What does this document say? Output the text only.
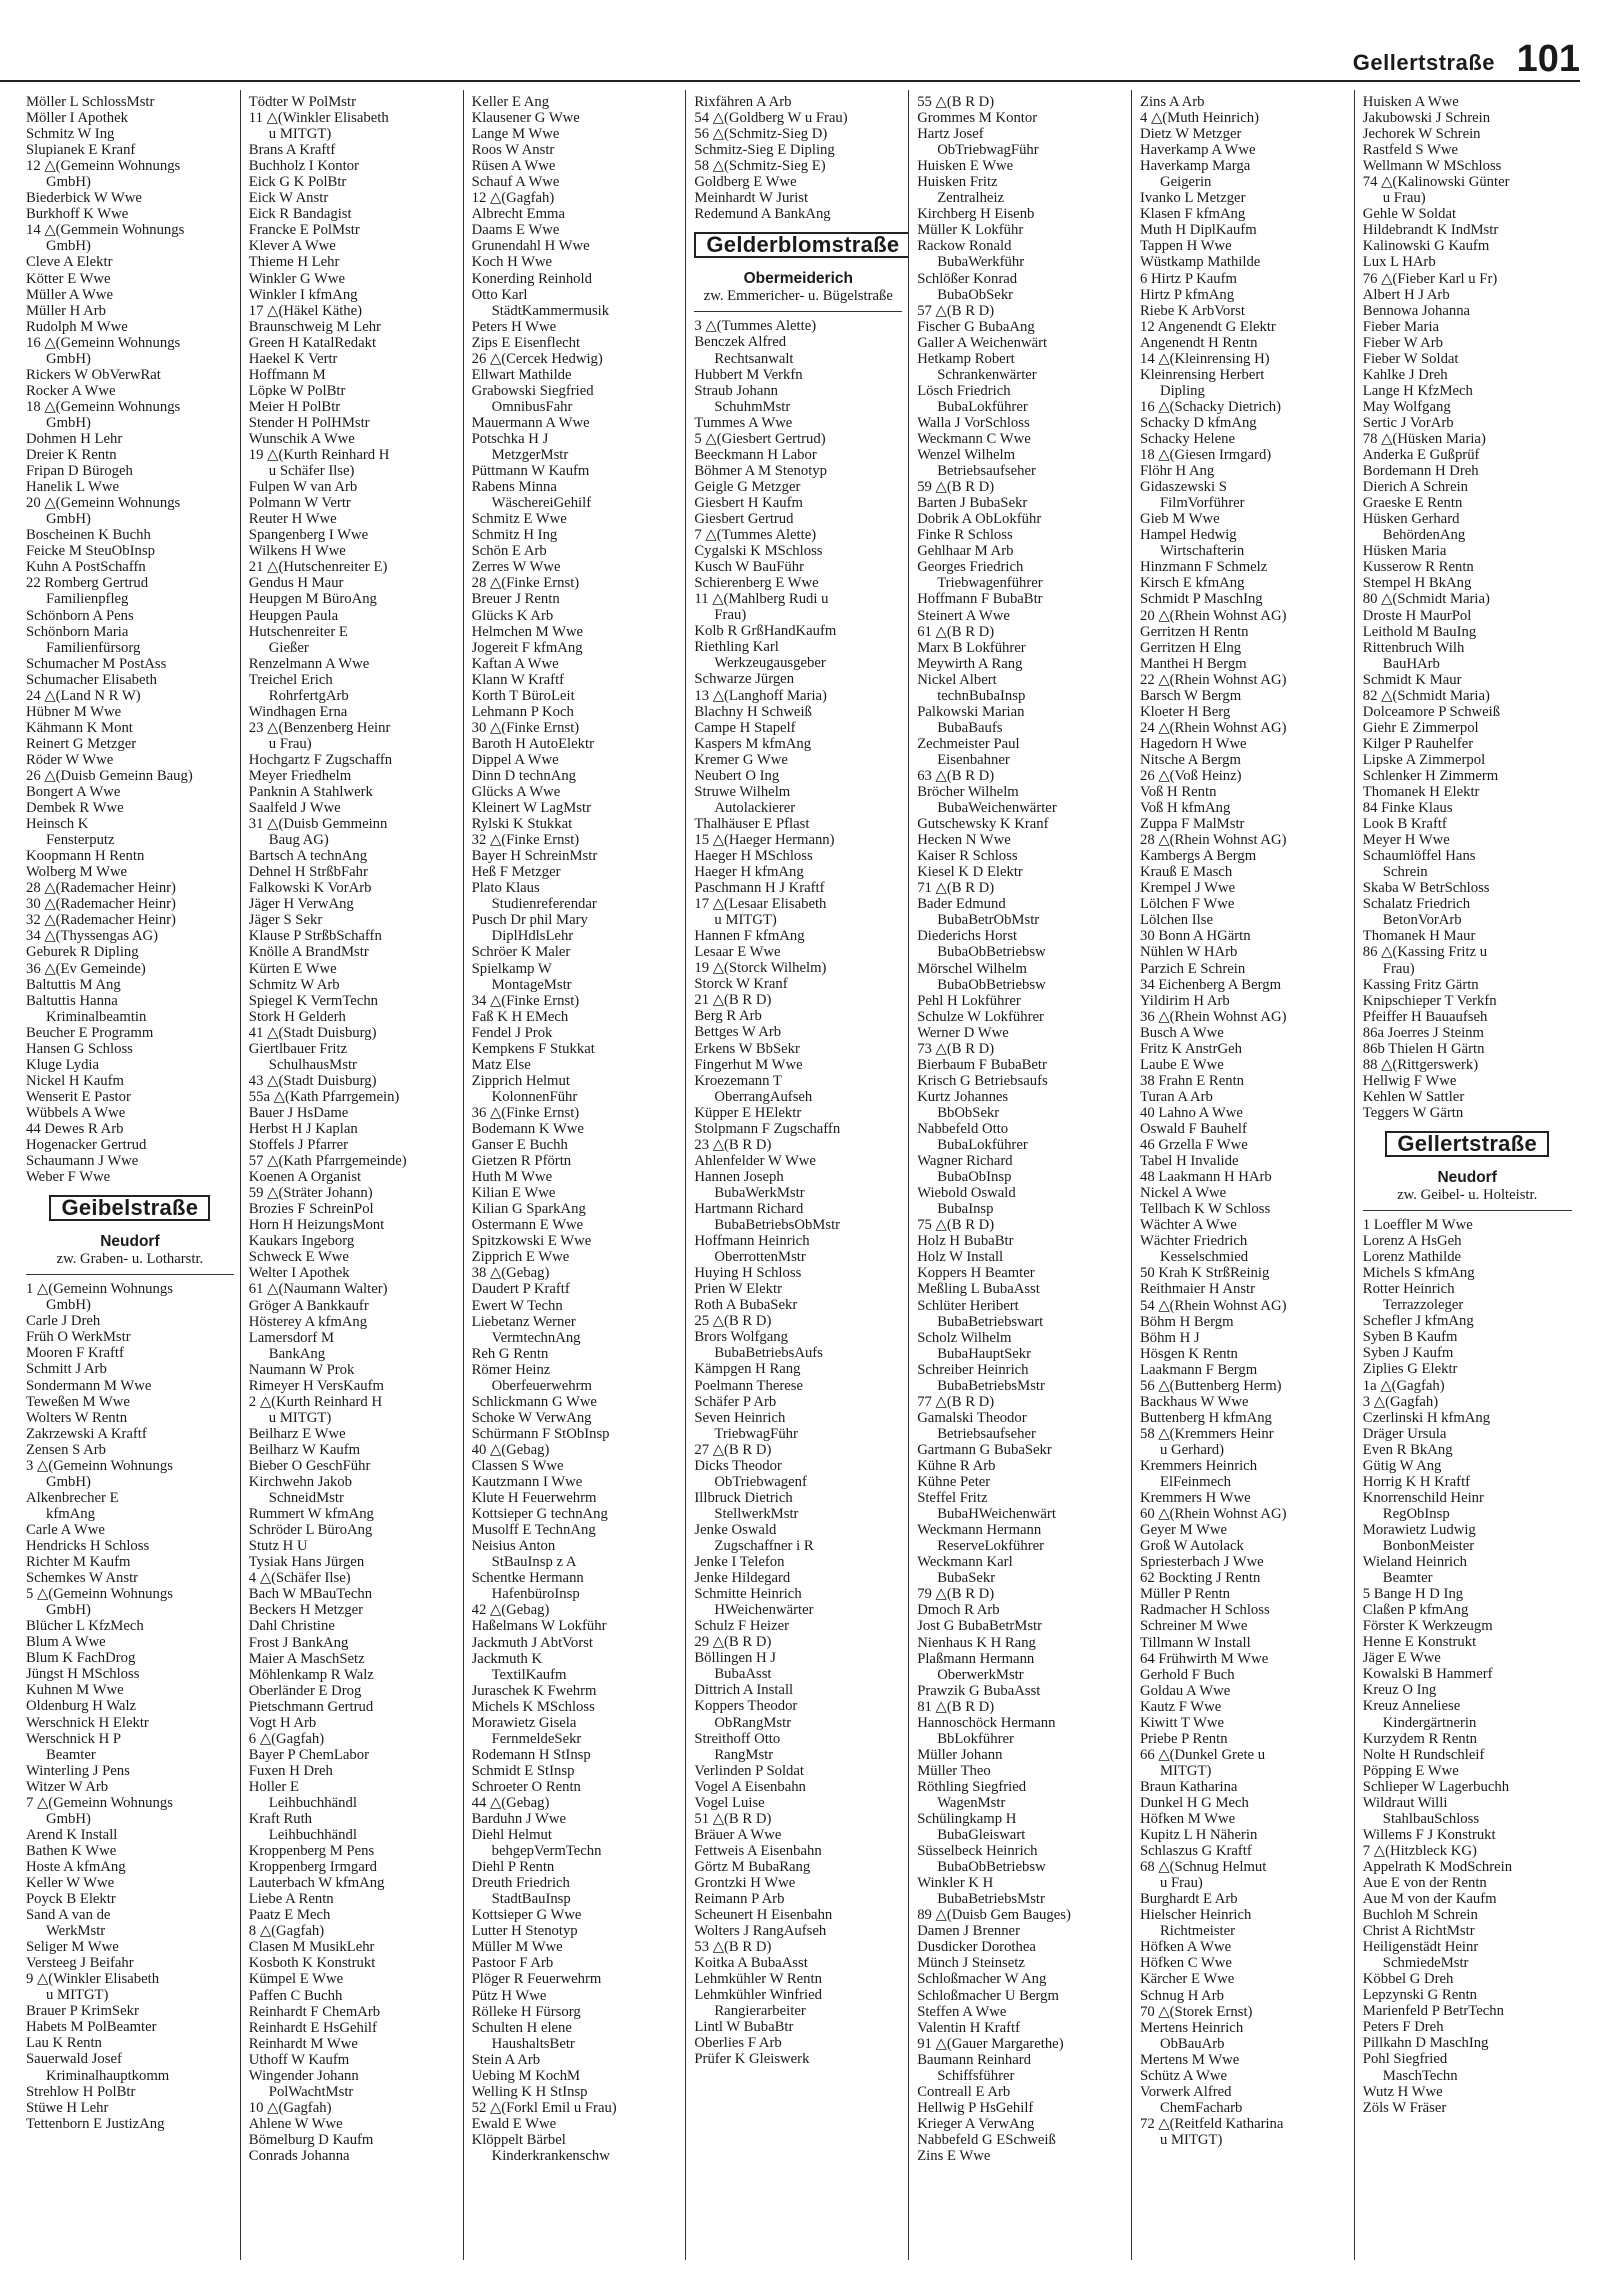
Gellertstraße 101
Möller L SchlossMstr
Möller I Apothek
Schmitz W Ing
Slupianek E Kranf
12 △(Gemeinn Wohnungs
GmbH)
Biederbick W Wwe
Burkhoff K Wwe
14 △(Gemmein Wohnungs
GmbH)
Cleve A Elektr
Kötter E Wwe
Müller A Wwe
Müller H Arb
Rudolph M Wwe
16 △(Gemeinn Wohnungs
GmbH)
Rickers W ObVerwRat
Rocker A Wwe
18 △(Gemeinn Wohnungs
GmbH)
Dohmen H Lehr
Dreier K Rentn
Fripan D Bürogeh
Hanelik L Wwe
20 △(Gemeinn Wohnungs
GmbH)
Boscheinen K Buchh
Feicke M SteuObInsp
Kuhn A PostSchaffn
22 Romberg Gertrud
Familienpfleg
Schönborn A Pens
Schönborn Maria
Familienfürsorg
Schumacher M PostAss
Schumacher Elisabeth
24 △(Land N R W)
Hübner M Wwe
Kähmann K Mont
Reinert G Metzger
Röder W Wwe
26 △(Duisb Gemeinn Baug)
Bongert A Wwe
Dembek R Wwe
Heinsch K
Fensterputz
Koopmann H Rentn
Wolberg M Wwe
28 △(Rademacher Heinr)
30 △(Rademacher Heinr)
32 △(Rademacher Heinr)
34 △(Thyssengas AG)
Geburek R Dipling
36 △(Ev Gemeinde)
Baltuttis M Ang
Baltuttis Hanna
Kriminalbeamtin
Beucher E Programm
Hansen G Schloss
Kluge Lydia
Nickel H Kaufm
Wenserit E Pastor
Wübbels A Wwe
44 Dewes R Arb
Hogenacker Gertrud
Schaumann J Wwe
Weber F Wwe
Geibelstraße
Neudorf
zw. Graben- u. Lotharstr.
1 △(Gemeinn Wohnungs
GmbH)
Carle J Dreh
Früh O WerkMstr
Mooren F Kraftf
Schmitt J Arb
Sondermann M Wwe
Teweßen M Wwe
Wolters W Rentn
Zakrzewski A Kraftf
Zensen S Arb
3 △(Gemeinn Wohnungs
GmbH)
Alkenbrecher E
kfmAng
Carle A Wwe
Hendricks H Schloss
Richter M Kaufm
Schemkes W Anstr
5 △(Gemeinn Wohnungs
GmbH)
Blücher L KfzMech
Blum A Wwe
Blum K FachDrog
Jüngst H MSchloss
Kuhnen M Wwe
Oldenburg H Walz
Werschnick H Elektr
Werschnick H P
Beamter
Winterling J Pens
Witzer W Arb
7 △(Gemeinn Wohnungs
GmbH)
Arend K Install
Bathen K Wwe
Hoste A kfmAng
Keller W Wwe
Poyck B Elektr
Sand A van de
WerkMstr
Seliger M Wwe
Versteeg J Beifahr
9 △(Winkler Elisabeth
u MITGT)
Brauer P KrimSekr
Habets M PolBeamter
Lau K Rentn
Sauerwald Josef
Kriminalhauptkomm
Strehlow H PolBtr
Stüwe H Lehr
Tettenborn E JustizAng
Tödter W PolMstr
11 △(Winkler Elisabeth
u MITGT)
Brans A Kraftf
Buchholz I Kontor
Eick G K PolBtr
Eick W Anstr
Eick R Bandagist
Francke E PolMstr
Klever A Wwe
Thieme H Lehr
Winkler G Wwe
Winkler I kfmAng
17 △(Häkel Käthe)
Braunschweig M Lehr
Green H KatalRedakt
Haekel K Vertr
Hoffmann M
Löpke W PolBtr
Meier H PolBtr
Stender H PolHMstr
Wunschik A Wwe
19 △(Kurth Reinhard H
u Schäfer Ilse)
Fulpen W van Arb
Polmann W Vertr
Reuter H Wwe
Spangenberg I Wwe
Wilkens H Wwe
21 △(Hutschenreiter E)
Gendus H Maur
Heupgen M BüroAng
Heupgen Paula
Hutschenreiter E
Gießer
Renzelmann A Wwe
Treichel Erich
RohrfertgArb
Windhagen Erna
23 △(Benzenberg Heinr
u Frau)
Hochgartz F Zugschaffn
Meyer Friedhelm
Panknin A Stahlwerk
Saalfeld J Wwe
31 △(Duisb Gemmeinn
Baug AG)
Bartsch A technAng
Dehnel H StrßbFahr
Falkowski K VorArb
Jäger H VerwAng
Jäger S Sekr
Klause P StrßbSchaffn
Knölle A BrandMstr
Kürten E Wwe
Schmitz W Arb
Spiegel K VermTechn
Stork H Gelderh
41 △(Stadt Duisburg)
Giertlbauer Fritz
SchulhausMstr
43 △(Stadt Duisburg)
55a △(Kath Pfarrgemein)
Bauer J HsDame
Herbst H J Kaplan
Stoffels J Pfarrer
57 △(Kath Pfarrgemeinde)
Koenen A Organist
59 △(Sträter Johann)
Brozies F SchreinPol
Horn H HeizungsMont
Kaukars Ingeborg
Schweck E Wwe
Welter I Apothek
61 △(Naumann Walter)
Gröger A Bankkaufr
Hösterey A kfmAng
Lamersdorf M
BankAng
Naumann W Prok
Rimeyer H VersKaufm
2 △(Kurth Reinhard H
u MITGT)
Beilharz E Wwe
Beilharz W Kaufm
Bieber O GeschFühr
Kirchwehn Jakob
SchneidMstr
Rummert W kfmAng
Schröder L BüroAng
Stutz H U
Tysiak Hans Jürgen
4 △(Schäfer Ilse)
Bach W MBauTechn
Beckers H Metzger
Dahl Christine
Frost J BankAng
Maier A MaschSetz
Möhlenkamp R Walz
Oberländer E Drog
Pietschmann Gertrud
Vogt H Arb
6 △(Gagfah)
Bayer P ChemLabor
Fuxen H Dreh
Holler E
Leihbuchhändl
Kraft Ruth
Leihbuchhändl
Kroppenberg M Pens
Kroppenberg Irmgard
Lauterbach W kfmAng
Liebe A Rentn
Paatz E Mech
8 △(Gagfah)
Clasen M MusikLehr
Kosboth K Konstrukt
Kümpel E Wwe
Paffen C Buchh
Reinhardt F ChemArb
Reinhardt E HsGehilf
Reinhardt M Wwe
Uthoff W Kaufm
Wingender Johann
PolWachtMstr
10 △(Gagfah)
Ahlene W Wwe
Bömelburg D Kaufm
Conrads Johanna
Keller E Ang
Klausener G Wwe
Lange M Wwe
Roos W Anstr
Rüsen A Wwe
Schauf A Wwe
12 △(Gagfah)
Albrecht Emma
Daams E Wwe
Grunendahl H Wwe
Koch H Wwe
Konerding Reinhold
Otto Karl
StädtKammermusik
Peters H Wwe
Zips E Eisenflecht
26 △(Cercek Hedwig)
Ellwart Mathilde
Grabowski Siegfried
OmnibusFahr
Mauermann A Wwe
Potschka H J
MetzgerMstr
Püttmann W Kaufm
Rabens Minna
WäschereiGehilf
Schmitz E Wwe
Schmitz H Ing
Schön E Arb
Zerres W Wwe
28 △(Finke Ernst)
Breuer J Rentn
Glücks K Arb
Helmchen M Wwe
Jogereit F kfmAng
Kaftan A Wwe
Klann W Kraftf
Korth T BüroLeit
Lehmann P Koch
30 △(Finke Ernst)
Baroth H AutoElektr
Dippel A Wwe
Dinn D technAng
Glücks A Wwe
Kleinert W LagMstr
Rylski K Stukkat
32 △(Finke Ernst)
Bayer H SchreinMstr
Heß F Metzger
Plato Klaus
Studienreferendar
Pusch Dr phil Mary
DiplHdlsLehr
Schröer K Maler
Spielkamp W
MontageMstr
34 △(Finke Ernst)
Faß K H EMech
Fendel J Prok
Kempkens F Stukkat
Matz Else
Zipprich Helmut
KolonnenFühr
36 △(Finke Ernst)
Bodemann K Wwe
Ganser E Buchh
Gietzen R Pförtn
Huth M Wwe
Kilian E Wwe
Kilian G SparkAng
Ostermann E Wwe
Spitzkowski E Wwe
Zipprich E Wwe
38 △(Gebag)
Daudert P Kraftf
Ewert W Techn
Liebetanz Werner
VermtechnAng
Reh G Rentn
Römer Heinz
Oberfeuerwehrm
Schlickmann G Wwe
Schoke W VerwAng
Schürmann F StObInsp
40 △(Gebag)
Classen S Wwe
Kautzmann I Wwe
Klute H Feuerwehrm
Kottsieper G technAng
Musolff E TechnAng
Neisius Anton
StBauInsp z A
Schentke Hermann
HafenbüroInsp
42 △(Gebag)
Haßelmans W Lokführ
Jackmuth J AbtVorst
Jackmuth K
TextilKaufm
Juraschek K Fwehrm
Michels K MSchloss
Morawietz Gisela
FernmeldeSekr
Rodemann H StInsp
Schmidt E StInsp
Schroeter O Rentn
44 △(Gebag)
Barduhn J Wwe
Diehl Helmut
behgepVermTechn
Diehl P Rentn
Dreuth Friedrich
StadtBauInsp
Kottsieper G Wwe
Lutter H Stenotyp
Müller M Wwe
Pastoor F Arb
Plöger R Feuerwehrm
Pütz H Wwe
Rölleke H Fürsorg
Schulten H elene
HaushaltsBetr
Stein A Arb
Uebing M KochM
Welling K H StInsp
52 △(Forkl Emil u Frau)
Ewald E Wwe
Klöppelt Bärbel
Kinderkrankenschw
Rixfähren A Arb
54 △(Goldberg W u Frau)
56 △(Schmitz-Sieg D)
Schmitz-Sieg E Dipling
58 △(Schmitz-Sieg E)
Goldberg E Wwe
Meinhardt W Jurist
Redemund A BankAng
Gelderblomstraße
Obermeiderich
zw. Emmericher- u. Bügelstraße
3 △(Tummes Alette)
Benczek Alfred
Rechtsanwalt
Hubbert M Verkfn
Straub Johann
SchuhmMstr
Tummes A Wwe
5 △(Giesbert Gertrud)
Beeckmann H Labor
Böhmer A M Stenotyp
Geigle G Metzger
Giesbert H Kaufm
Giesbert Gertrud
7 △(Tummes Alette)
Cygalski K MSchloss
Kusch W BauFühr
Schierenberg E Wwe
11 △(Mahlberg Rudi u
Frau)
Kolb R GrßHandKaufm
Riethling Karl
Werkzeugausgeber
Schwarze Jürgen
13 △(Langhoff Maria)
Blachny H Schweiß
Campe H Stapelf
Kaspers M kfmAng
Kremer G Wwe
Neubert O Ing
Struwe Wilhelm
Autolackierer
Thalhäuser E Pflast
15 △(Haeger Hermann)
Haeger H MSchloss
Haeger H kfmAng
Paschmann H J Kraftf
17 △(Lesaar Elisabeth
u MITGT)
Hannen F kfmAng
Lesaar E Wwe
19 △(Storck Wilhelm)
Storck W Kranf
21 △(B R D)
Berg R Arb
Bettges W Arb
Erkens W BbSekr
Fingerhut M Wwe
Kroezemann T
OberrangAufseh
Küpper E HElektr
Stolpmann F Zugschaffn
23 △(B R D)
Ahlenfelder W Wwe
Hannen Joseph
BubaWerkMstr
Hartmann Richard
BubaBetriebsObMstr
Hoffmann Heinrich
OberrottenMstr
Huying H Schloss
Prien W Elektr
Roth A BubaSekr
25 △(B R D)
Brors Wolfgang
BubaBetriebsAufs
Kämpgen H Rang
Poelmann Therese
Schäfer P Arb
Seven Heinrich
TriebwagFühr
27 △(B R D)
Dicks Theodor
ObTriebwagenf
Illbruck Dietrich
StellwerkMstr
Jenke Oswald
Zugschaffner i R
Jenke I Telefon
Jenke Hildegard
Schmitte Heinrich
HWeichenwärter
Schulz F Heizer
29 △(B R D)
Böllingen H J
BubaAsst
Dittrich A Install
Koppers Theodor
ObRangMstr
Streithoff Otto
RangMstr
Verlinden P Soldat
Vogel A Eisenbahn
Vogel Luise
51 △(B R D)
Bräuer A Wwe
Fettweis A Eisenbahn
Görtz M BubaRang
Grontzki H Wwe
Reimann P Arb
Scheunert H Eisenbahn
Wolters J RangAufseh
53 △(B R D)
Koitka A BubaAsst
Lehmkühler W Rentn
Lehmkühler Winfried
Rangierarbeiter
Lintl W BubaBtr
Oberlies F Arb
Prüfer K Gleiswerk
55 △(B R D)
Grommes M Kontor
Hartz Josef
ObTriebwagFühr
Huisken E Wwe
Huisken Fritz
Zentralheiz
Kirchberg H Eisenb
Müller K Lokführ
Rackow Ronald
BubaWerkführ
Schlößer Konrad
BubaObSekr
57 △(B R D)
Fischer G BubaAng
Galler A Weichenwärt
Hetkamp Robert
Schrankenwärter
Lösch Friedrich
BubaLokführer
Walla J VorSchloss
Weckmann C Wwe
Wenzel Wilhelm
Betriebsaufseher
59 △(B R D)
Barten J BubaSekr
Dobrik A ObLokführ
Finke R Schloss
Gehlhaar M Arb
Georges Friedrich
Triebwagenführer
Hoffmann F BubaBtr
Steinert A Wwe
61 △(B R D)
Marx B Lokführer
Meywirth A Rang
Nickel Albert
technBubaInsp
Palkowski Marian
BubaBaufs
Zechmeister Paul
Eisenbahner
63 △(B R D)
Bröcher Wilhelm
BubaWeichenwärter
Gutschewsky K Kranf
Hecken N Wwe
Kaiser R Schloss
Kiesel K D Elektr
71 △(B R D)
Bader Edmund
BubaBetrObMstr
Diederichs Horst
BubaObBetriebsw
Mörschel Wilhelm
BubaObBetriebsw
Pehl H Lokführer
Schulze W Lokführer
Werner D Wwe
73 △(B R D)
Bierbaum F BubaBetr
Krisch G Betriebsaufs
Kurtz Johannes
BbObSekr
Nabbefeld Otto
BubaLokführer
Wagner Richard
BubaObInsp
Wiebold Oswald
BubaInsp
75 △(B R D)
Holz H BubaBtr
Holz W Install
Koppers H Beamter
Meßling L BubaAsst
Schlüter Heribert
BubaBetriebswart
Scholz Wilhelm
BubaHauptSekr
Schreiber Heinrich
BubaBetriebsMstr
77 △(B R D)
Gamalski Theodor
Betriebsaufseher
Gartmann G BubaSekr
Kühne R Arb
Kühne Peter
Steffel Fritz
BubaHWeichenwärt
Weckmann Hermann
ReserveLokführer
Weckmann Karl
BubaSekr
79 △(B R D)
Dmoch R Arb
Jost G BubaBetrMstr
Nienhaus K H Rang
Plaßmann Hermann
OberwerkMstr
Prawzik G BubaAsst
81 △(B R D)
Hannoschöck Hermann
BbLokführer
Müller Johann
Müller Theo
Röthling Siegfried
WagenMstr
Schülingkamp H
BubaGleiswart
Süsselbeck Heinrich
BubaObBetriebsw
Winkler K H
BubaBetriebsMstr
89 △(Duisb Gem Bauges)
Damen J Brenner
Dusdicker Dorothea
Münch J Steinsetz
Schloßmacher W Ang
Schloßmacher U Bergm
Steffen A Wwe
Valentin H Kraftf
91 △(Gauer Margarethe)
Baumann Reinhard
Schiffsführer
Contreall E Arb
Hellwig P HsGehilf
Krieger A VerwAng
Nabbefeld G ESchweiß
Zins E Wwe
Zins A Arb
4 △(Muth Heinrich)
Dietz W Metzger
Haverkamp A Wwe
Haverkamp Marga
Geigerin
Ivanko L Metzger
Klasen F kfmAng
Muth H DiplKaufm
Tappen H Wwe
Wüstkamp Mathilde
6 Hirtz P Kaufm
Hirtz P kfmAng
Riebe K ArbVorst
12 Angenendt G Elektr
Angenendt H Rentn
14 △(Kleinrensing H)
Kleinrensing Herbert
Dipling
16 △(Schacky Dietrich)
Schacky D kfmAng
Schacky Helene
18 △(Giesen Irmgard)
Flöhr H Ang
Gidaszewski S
FilmVorführer
Gieb M Wwe
Hampel Hedwig
Wirtschafterin
Hinzmann F Schmelz
Kirsch E kfmAng
Schmidt P MaschIng
20 △(Rhein Wohnst AG)
Gerritzen H Rentn
Gerritzen H Elng
Manthei H Bergm
22 △(Rhein Wohnst AG)
Barsch W Bergm
Kloeter H Berg
24 △(Rhein Wohnst AG)
Hagedorn H Wwe
Nitsche A Bergm
26 △(Voß Heinz)
Voß H Rentn
Voß H kfmAng
Zuppa F MalMstr
28 △(Rhein Wohnst AG)
Kambergs A Bergm
Krauß E Masch
Krempel J Wwe
Lölchen F Wwe
Lölchen Ilse
30 Bonn A HGärtn
Nühlen W HArb
Parzich E Schrein
34 Eichenberg A Bergm
Yildirim H Arb
36 △(Rhein Wohnst AG)
Busch A Wwe
Fritz K AnstrGeh
Laube E Wwe
38 Frahn E Rentn
Turan A Arb
40 Lahno A Wwe
Oswald F Bauhelf
46 Grzella F Wwe
Tabel H Invalide
48 Laakmann H HArb
Nickel A Wwe
Tellbach K W Schloss
Wächter A Wwe
Wächter Friedrich
Kesselschmied
50 Krah K StrßReinig
Reithmaier H Anstr
54 △(Rhein Wohnst AG)
Böhm H Bergm
Böhm H J
Hösgen K Rentn
Laakmann F Bergm
56 △(Buttenberg Herm)
Backhaus W Wwe
Buttenberg H kfmAng
58 △(Kremmers Heinr
u Gerhard)
Kremmers Heinrich
ElFeinmech
Kremmers H Wwe
60 △(Rhein Wohnst AG)
Geyer M Wwe
Groß W Autolack
Spriesterbach J Wwe
62 Bockting J Rentn
Müller P Rentn
Radmacher H Schloss
Schreiner M Wwe
Tillmann W Install
64 Frühwirth M Wwe
Gerhold F Buch
Goldau A Wwe
Kautz F Wwe
Kiwitt T Wwe
Priebe P Rentn
66 △(Dunkel Grete u
MITGT)
Braun Katharina
Dunkel H G Mech
Höfken M Wwe
Kupitz L H Näherin
Schlaszus G Kraftf
68 △(Schnug Helmut
u Frau)
Burghardt E Arb
Hielscher Heinrich
Richtmeister
Höfken A Wwe
Höfken C Wwe
Kärcher E Wwe
Schnug H Arb
70 △(Storek Ernst)
Mertens Heinrich
ObBauArb
Mertens M Wwe
Schütz A Wwe
Vorwerk Alfred
ChemFacharb
72 △(Reitfeld Katharina
u MITGT)
Huisken A Wwe
Jakubowski J Schrein
Jechorek W Schrein
Rastfeld S Wwe
Wellmann W MSchloss
74 △(Kalinowski Günter
u Frau)
Gehle W Soldat
Hildebrandt K IndMstr
Kalinowski G Kaufm
Lux L HArb
76 △(Fieber Karl u Fr)
Albert H J Arb
Bennowa Johanna
Fieber Maria
Fieber W Arb
Fieber W Soldat
Kahlke J Dreh
Lange H KfzMech
May Wolfgang
Sertic J VorArb
78 △(Hüsken Maria)
Anderka E Gußprüf
Bordemann H Dreh
Dierich A Schrein
Graeske E Rentn
Hüsken Gerhard
BehördenAng
Hüsken Maria
Kusserow R Rentn
Stempel H BkAng
80 △(Schmidt Maria)
Droste H MaurPol
Leithold M BauIng
Rittenbruch Wilh
BauHArb
Schmidt K Maur
82 △(Schmidt Maria)
Dolceamore P Schweiß
Giehr E Zimmerpol
Kilger P Rauhelfer
Lipske A Zimmerpol
Schlenker H Zimmerm
Thomanek H Elektr
84 Finke Klaus
Look B Kraftf
Meyer H Wwe
Schaumlöffel Hans
Schrein
Skaba W BetrSchloss
Schalatz Friedrich
BetonVorArb
Thomanek H Maur
86 △(Kassing Fritz u
Frau)
Kassing Fritz Gärtn
Knipschieper T Verkfn
Pfeiffer H Bauaufseh
86a Joerres J Steinm
86b Thielen H Gärtn
88 △(Rittgerswerk)
Hellwig F Wwe
Kehlen W Sattler
Teggers W Gärtn
Gellertstraße
Neudorf
zw. Geibel- u. Holteistr.
1 Loeffler M Wwe
Lorenz A HsGeh
Lorenz Mathilde
Michels S kfmAng
Rotter Heinrich
Terrazzoleger
Schefler J kfmAng
Syben B Kaufm
Syben J Kaufm
Ziplies G Elektr
1a △(Gagfah)
3 △(Gagfah)
Czerlinski H kfmAng
Dräger Ursula
Even R BkAng
Gütig W Ang
Horrig K H Kraftf
Knorrenschild Heinr
RegObInsp
Morawietz Ludwig
BonbonMeister
Wieland Heinrich
Beamter
5 Bange H D Ing
Claßen P kfmAng
Förster K Werkzeugm
Henne E Konstrukt
Jäger E Wwe
Kowalski B Hammerf
Kreuz O Ing
Kreuz Anneliese
Kindergärtnerin
Kurzydem R Rentn
Nolte H Rundschleif
Pöpping E Wwe
Schlieper W Lagerbuchh
Wildraut Willi
StahlbauSchloss
Willems F J Konstrukt
7 △(Hitzbleck KG)
Appelrath K ModSchrein
Aue E von der Rentn
Aue M von der Kaufm
Buchloh M Schrein
Christ A RichtMstr
Heiligenstädt Heinr
SchmiedeMstr
Köbbel G Dreh
Lepzynski G Rentn
Marienfeld P BetrTechn
Peters F Dreh
Pillkahn D MaschIng
Pohl Siegfried
MaschTechn
Wutz H Wwe
Zöls W Fräser
